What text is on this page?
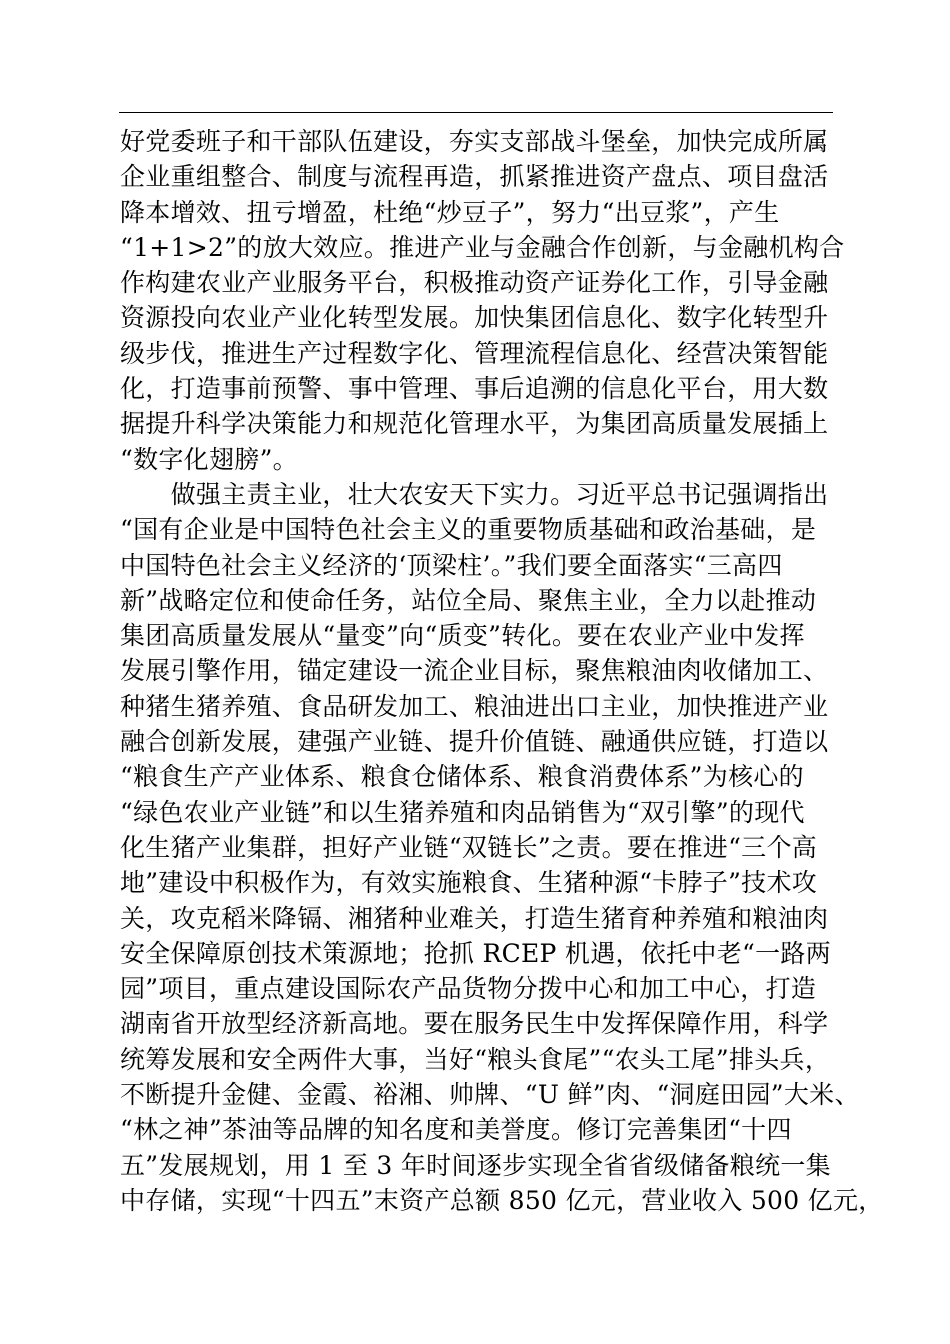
好党委班子和干部队伍建设，夯实支部战斗堡垒，加快完成所属
企业重组整合、制度与流程再造，抓紧推进资产盘点、项目盘活
降本增效、扭亏增盈，杜绝“炒豆子”，努力“出豆浆”，产生
“1+1>2”的放大效应。推进产业与金融合作创新，与金融机构合
作构建农业产业服务平台，积极推动资产证券化工作，引导金融
资源投向农业产业化转型发展。加快集团信息化、数字化转型升
级步伐，推进生产过程数字化、管理流程信息化、经营决策智能
化，打造事前预警、事中管理、事后追溯的信息化平台，用大数
据提升科学决策能力和规范化管理水平，为集团高质量发展插上
“数字化翅膀”。
　　做强主责主业，壮大农安天下实力。习近平总书记强调指出
“国有企业是中国特色社会主义的重要物质基础和政治基础，是
中国特色社会主义经济的‘顶梁柱’。”我们要全面落实“三高四
新”战略定位和使命任务，站位全局、聚焦主业，全力以赴推动
集团高质量发展从“量变”向“质变”转化。要在农业产业中发挥
发展引擎作用，锚定建设一流企业目标，聚焦粮油肉收储加工、
种猪生猪养殖、食品研发加工、粮油进出口主业，加快推进产业
融合创新发展，建强产业链、提升价值链、融通供应链，打造以
“粮食生产产业体系、粮食仓储体系、粮食消费体系”为核心的
“绿色农业产业链”和以生猪养殖和肉品销售为“双引擎”的现代
化生猪产业集群，担好产业链“双链长”之责。要在推进“三个高
地”建设中积极作为，有效实施粮食、生猪种源“卡脖子”技术攻
关，攻克稻米降镉、湘猪种业难关，打造生猪育种养殖和粮油肉
安全保障原创技术策源地；抢抓 RCEP 机遇，依托中老“一路两
园”项目，重点建设国际农产品货物分拨中心和加工中心，打造
湖南省开放型经济新高地。要在服务民生中发挥保障作用，科学
统筹发展和安全两件大事，当好“粮头食尾”“农头工尾”排头兵，
不断提升金健、金霞、裕湘、帅牌、“U 鲜”肉、“洞庭田园”大米、
“林之神”茶油等品牌的知名度和美誉度。修订完善集团“十四
五”发展规划，用 1 至 3 年时间逐步实现全省省级储备粮统一集
中存储，实现“十四五”末资产总额 850 亿元，营业收入 500 亿元，
